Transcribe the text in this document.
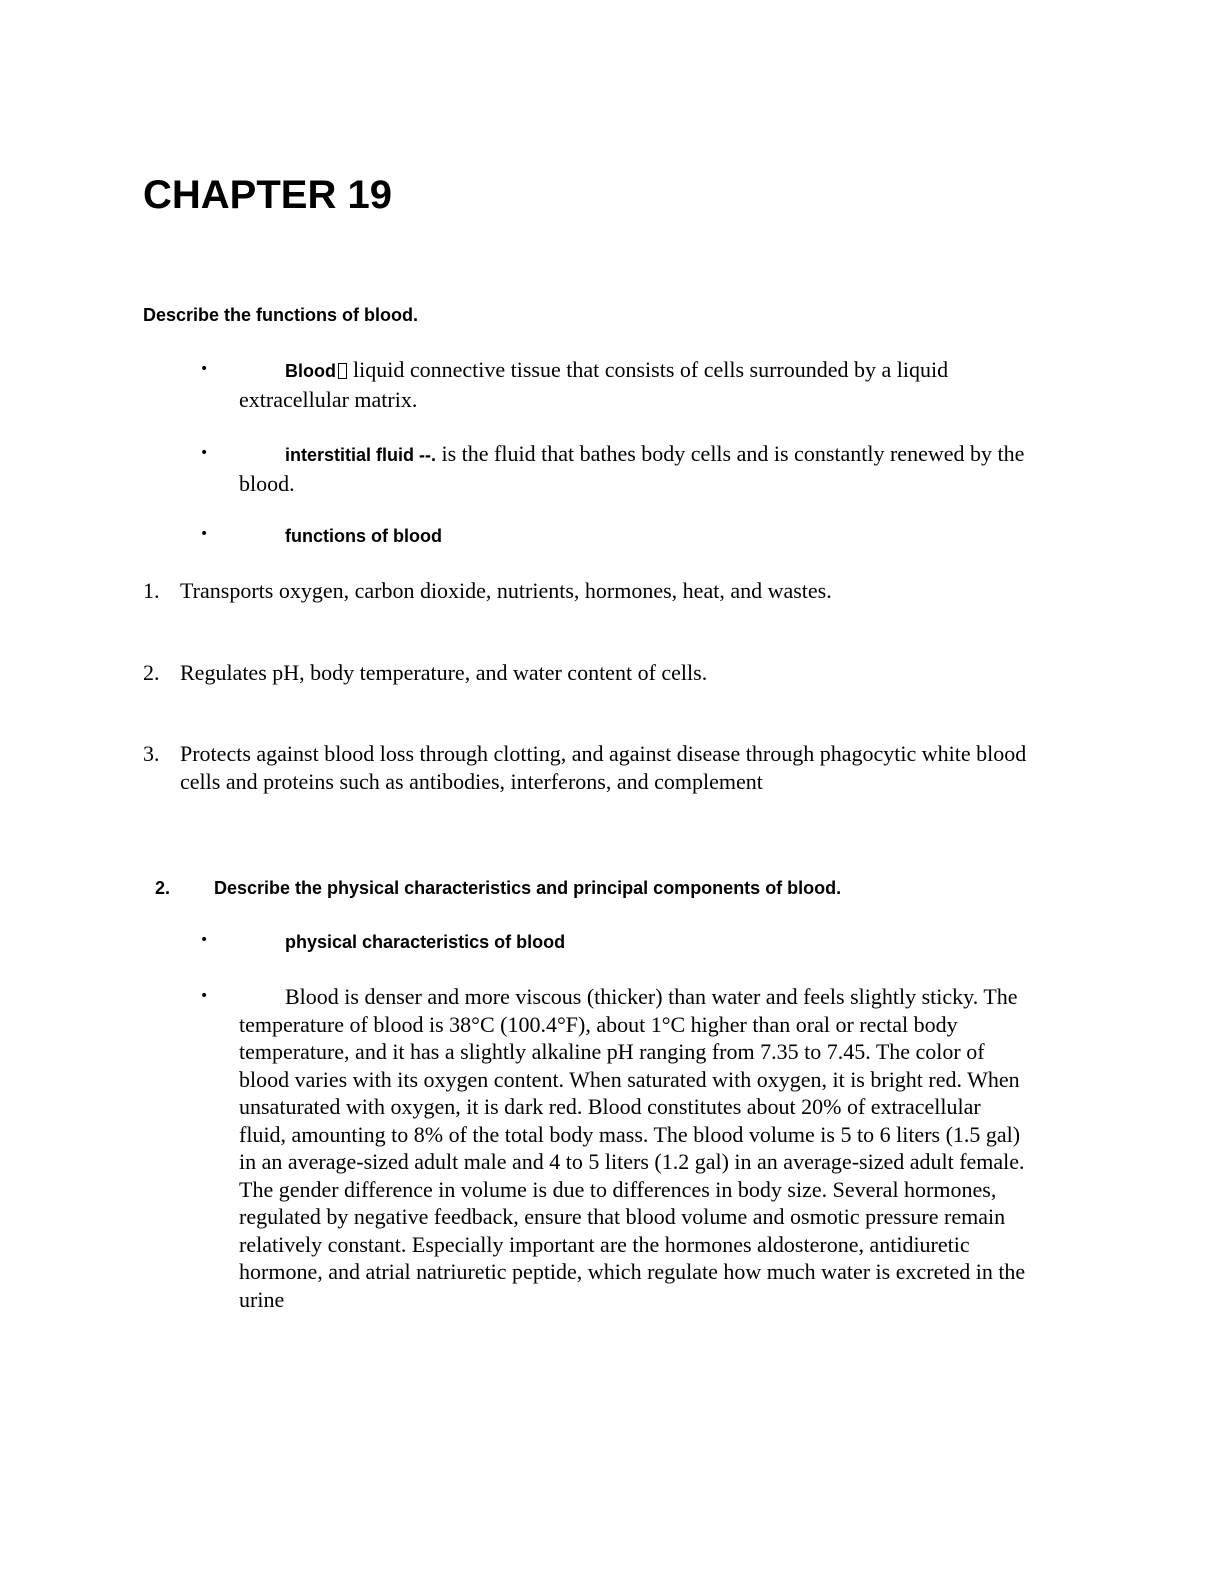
CHAPTER 19

Describe the functions of blood.

•	Blood liquid connective tissue that consists of cells surrounded by a liquid extracellular matrix.

•	interstitial fluid --. is the fluid that bathes body cells and is constantly renewed by the blood.

•	functions of blood

1. Transports oxygen, carbon dioxide, nutrients, hormones, heat, and wastes.

2. Regulates pH, body temperature, and water content of cells.

3. Protects against blood loss through clotting, and against disease through phagocytic white blood cells and proteins such as antibodies, interferons, and complement

2. Describe the physical characteristics and principal components of blood.

•	physical characteristics of blood

•	Blood is denser and more viscous (thicker) than water and feels slightly sticky. The temperature of blood is 38°C (100.4°F), about 1°C higher than oral or rectal body temperature, and it has a slightly alkaline pH ranging from 7.35 to 7.45. The color of blood varies with its oxygen content. When saturated with oxygen, it is bright red. When unsaturated with oxygen, it is dark red. Blood constitutes about 20% of extracellular fluid, amounting to 8% of the total body mass. The blood volume is 5 to 6 liters (1.5 gal) in an average-sized adult male and 4 to 5 liters (1.2 gal) in an average-sized adult female. The gender difference in volume is due to differences in body size. Several hormones, regulated by negative feedback, ensure that blood volume and osmotic pressure remain relatively constant. Especially important are the hormones aldosterone, antidiuretic hormone, and atrial natriuretic peptide, which regulate how much water is excreted in the urine
